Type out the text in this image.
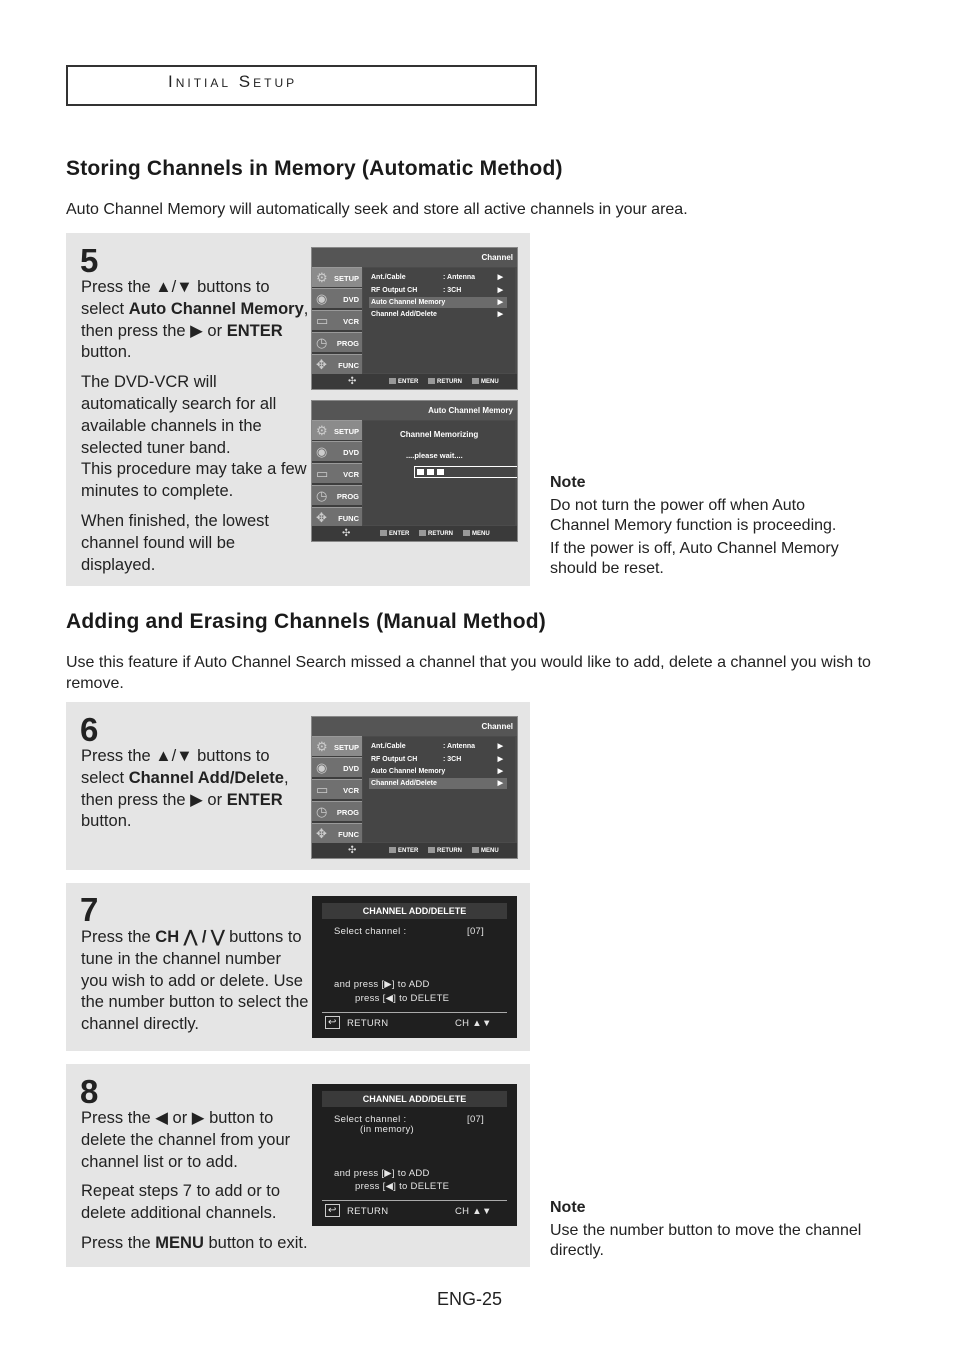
Initial Setup
Storing Channels in Memory (Automatic Method)
Auto Channel Memory will automatically seek and store all active channels in your area.
5

Press the ▲/▼ buttons to select Auto Channel Memory, then press the ▶ or ENTER button.

The DVD-VCR will automatically search for all available channels in the selected tuner band.

This procedure may take a few minutes to complete.

When finished, the lowest channel found will be displayed.

Channel
⚙ SETUP
◉ DVD
▭ VCR
◷ PROG
✥ FUNC
Ant./Cable	: Antenna	▶
RF Output CH	: 3CH	▶
Auto Channel Memory	▶
Channel Add/Delete	▶
✣	ENTER	RETURN	MENU
Auto Channel Memory
⚙ SETUP
◉ DVD
▭ VCR
◷ PROG
✥ FUNC
Channel Memorizing
....please wait....
✣	ENTER	RETURN	MENU
Note

Do not turn the power off when Auto Channel Memory function is proceeding.

If the power is off, Auto Channel Memory should be reset.

Adding and Erasing Channels (Manual Method)
Use this feature if Auto Channel Search missed a channel that you would like to add, delete a channel you wish to remove.
6

Press the ▲/▼ buttons to select Channel Add/Delete, then press the ▶ or ENTER button.

Channel
⚙ SETUP
◉ DVD
▭ VCR
◷ PROG
✥ FUNC
Ant./Cable	: Antenna	▶
RF Output CH	: 3CH	▶
Auto Channel Memory	▶
Channel Add/Delete	▶
✣	ENTER	RETURN	MENU
7

Press the CH ⋀ / ⋁ buttons to tune in the channel number you wish to add or delete. Use the number button to select the channel directly.

CHANNEL ADD/DELETE
Select channel :	[07]
and press [▶] to ADD
press [◀] to DELETE
↩	RETURN	CH ▲▼
8

Press the ◀ or ▶ button to delete the channel from your channel list or to add.

Repeat steps 7 to add or to delete additional channels.

Press the MENU button to exit.

CHANNEL ADD/DELETE
Select channel :	[07]
(in memory)
and press [▶] to ADD
press [◀] to DELETE
↩	RETURN	CH ▲▼	Note

Use the number button to move the channel directly.

ENG-25
